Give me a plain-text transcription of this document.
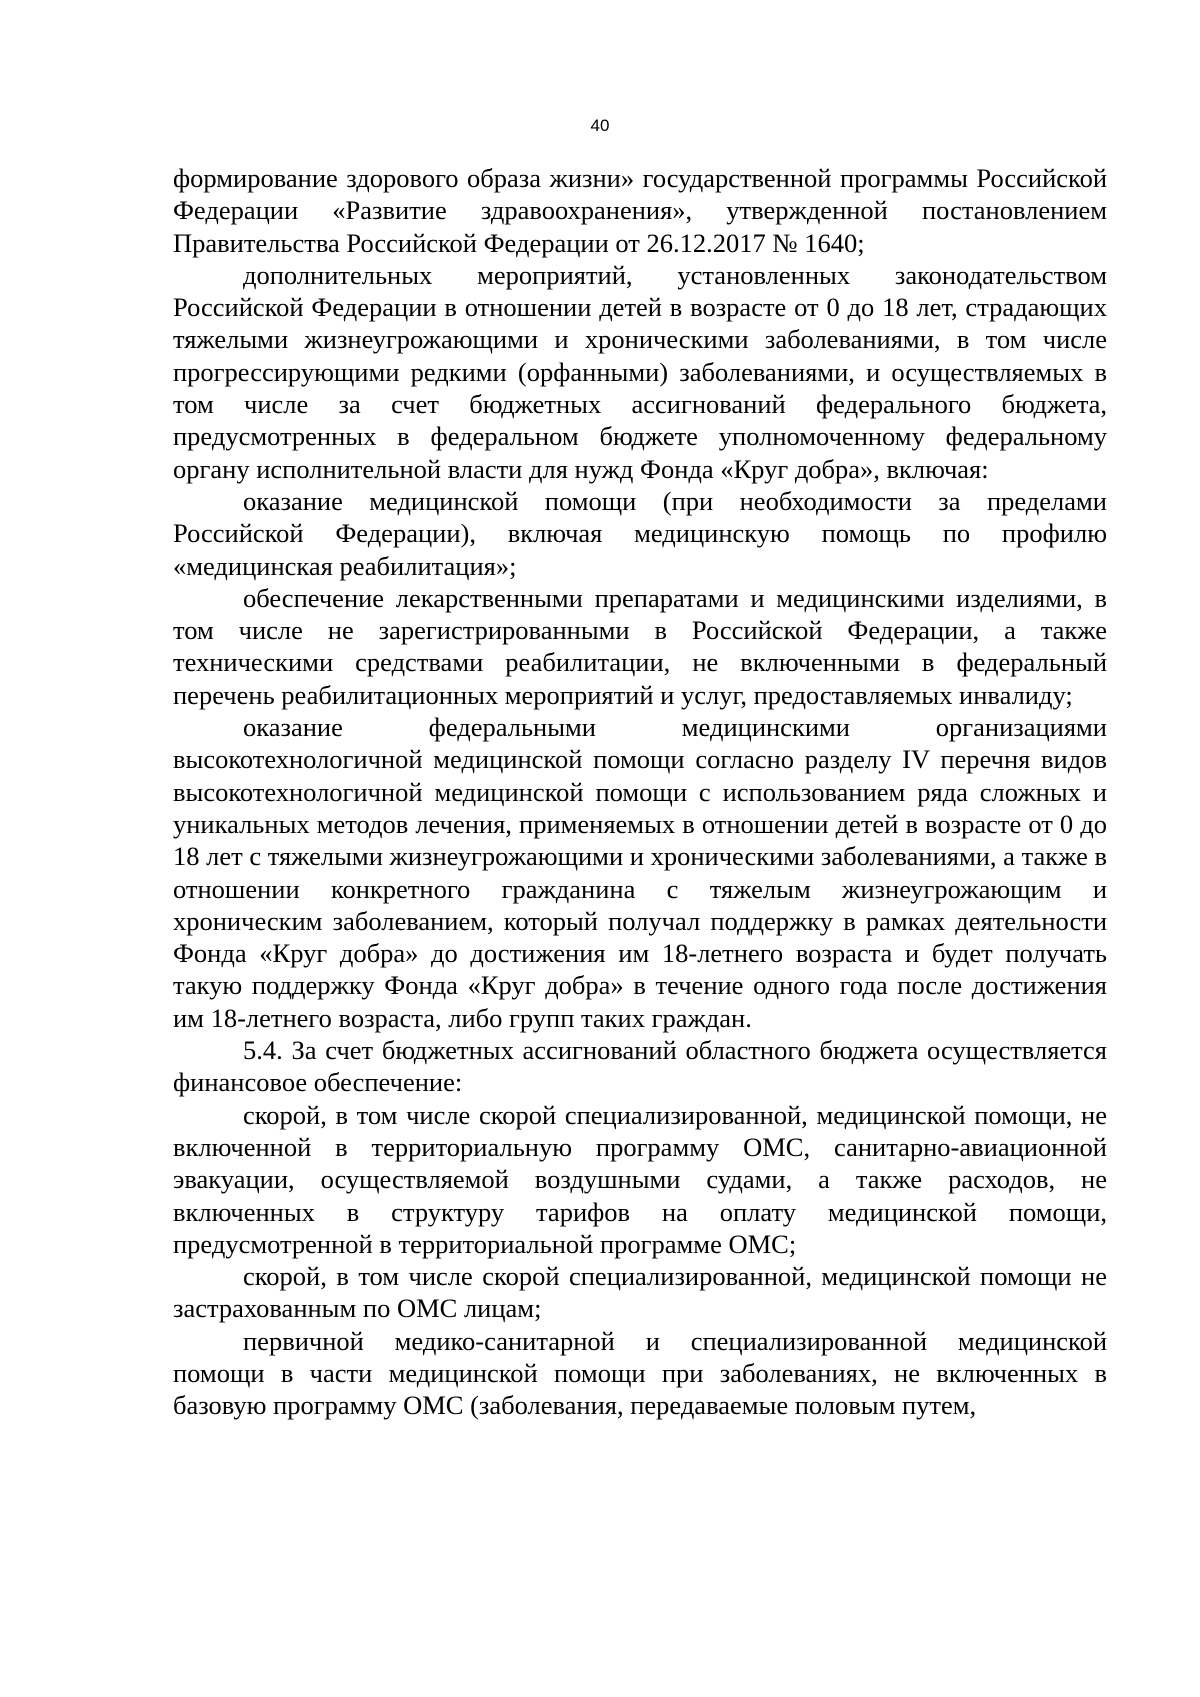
40

формирование здорового образа жизни» государственной программы Российской Федерации «Развитие здравоохранения», утвержденной постановлением Правительства Российской Федерации от 26.12.2017 № 1640;

дополнительных мероприятий, установленных законодательством Российской Федерации в отношении детей в возрасте от 0 до 18 лет, страдающих тяжелыми жизнеугрожающими и хроническими заболеваниями, в том числе прогрессирующими редкими (орфанными) заболеваниями, и осуществляемых в том числе за счет бюджетных ассигнований федерального бюджета, предусмотренных в федеральном бюджете уполномоченному федеральному органу исполнительной власти для нужд Фонда «Круг добра», включая:

оказание медицинской помощи (при необходимости за пределами Российской Федерации), включая медицинскую помощь по профилю «медицинская реабилитация»;

обеспечение лекарственными препаратами и медицинскими изделиями, в том числе не зарегистрированными в Российской Федерации, а также техническими средствами реабилитации, не включенными в федеральный перечень реабилитационных мероприятий и услуг, предоставляемых инвалиду;

оказание федеральными медицинскими организациями высокотехнологичной медицинской помощи согласно разделу IV перечня видов высокотехнологичной медицинской помощи с использованием ряда сложных и уникальных методов лечения, применяемых в отношении детей в возрасте от 0 до 18 лет с тяжелыми жизнеугрожающими и хроническими заболеваниями, а также в отношении конкретного гражданина с тяжелым жизнеугрожающим и хроническим заболеванием, который получал поддержку в рамках деятельности Фонда «Круг добра» до достижения им 18-летнего возраста и будет получать такую поддержку Фонда «Круг добра» в течение одного года после достижения им 18-летнего возраста, либо групп таких граждан.

5.4. За счет бюджетных ассигнований областного бюджета осуществляется финансовое обеспечение:

скорой, в том числе скорой специализированной, медицинской помощи, не включенной в территориальную программу ОМС, санитарно-авиационной эвакуации, осуществляемой воздушными судами, а также расходов, не включенных в структуру тарифов на оплату медицинской помощи, предусмотренной в территориальной программе ОМС;

скорой, в том числе скорой специализированной, медицинской помощи не застрахованным по ОМС лицам;

первичной медико-санитарной и специализированной медицинской помощи в части медицинской помощи при заболеваниях, не включенных в базовую программу ОМС (заболевания, передаваемые половым путем,
